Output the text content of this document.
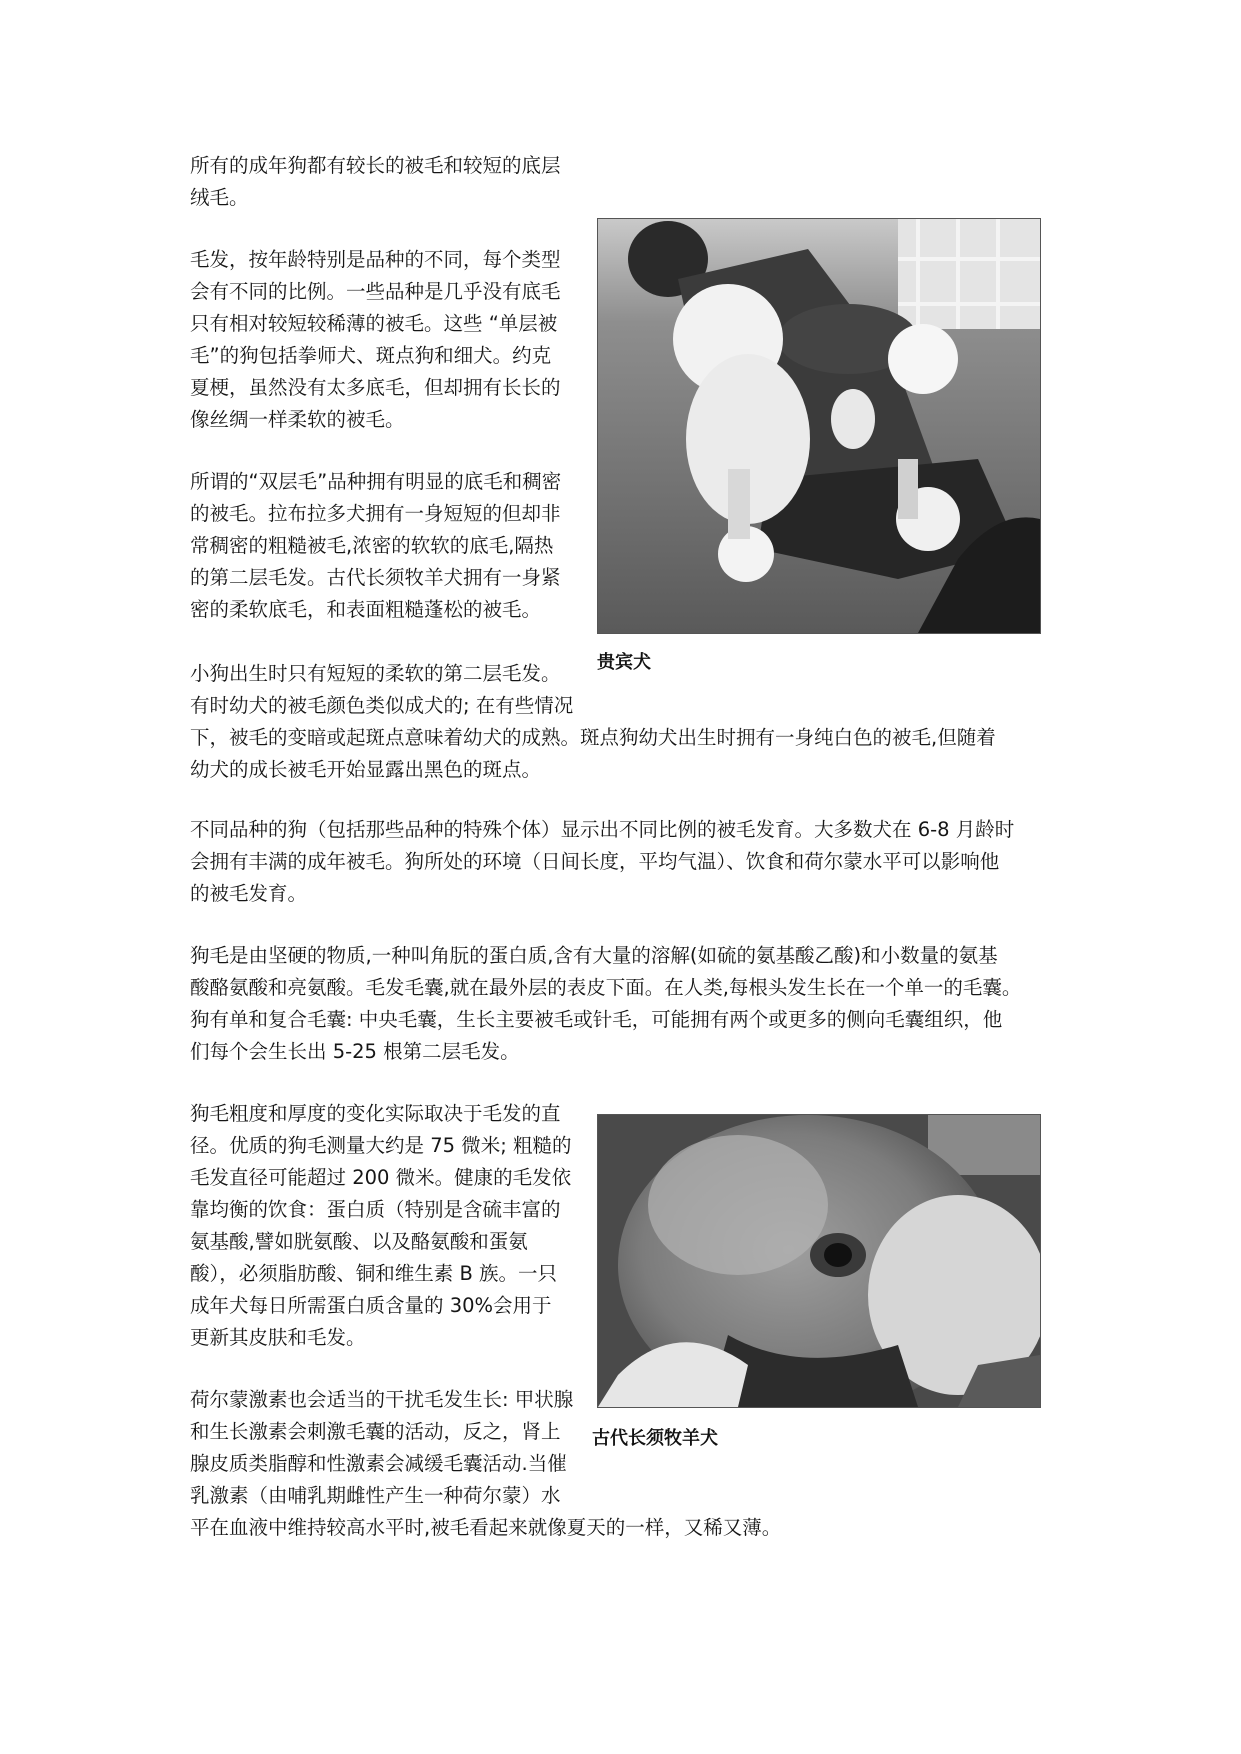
所有的成年狗都有较长的被毛和较短的底层
绒毛。

毛发，按年龄特别是品种的不同，每个类型
会有不同的比例。一些品种是几乎没有底毛
只有相对较短较稀薄的被毛。这些 “单层被
毛”的狗包括拳师犬、斑点狗和细犬。约克
夏梗，虽然没有太多底毛，但却拥有长长的
像丝绸一样柔软的被毛。

所谓的“双层毛”品种拥有明显的底毛和稠密
的被毛。拉布拉多犬拥有一身短短的但却非
常稠密的粗糙被毛,浓密的软软的底毛,隔热
的第二层毛发。古代长须牧羊犬拥有一身紧
密的柔软底毛，和表面粗糙蓬松的被毛。

小狗出生时只有短短的柔软的第二层毛发。
有时幼犬的被毛颜色类似成犬的; 在有些情况

下，被毛的变暗或起斑点意味着幼犬的成熟。斑点狗幼犬出生时拥有一身纯白色的被毛,但随着
幼犬的成长被毛开始显露出黑色的斑点。

不同品种的狗（包括那些品种的特殊个体）显示出不同比例的被毛发育。大多数犬在 6-8 月龄时
会拥有丰满的成年被毛。狗所处的环境（日间长度，平均气温）、饮食和荷尔蒙水平可以影响他
的被毛发育。

狗毛是由坚硬的物质,一种叫角朊的蛋白质,含有大量的溶解(如硫的氨基酸乙酸)和小数量的氨基
酸酪氨酸和亮氨酸。毛发毛囊,就在最外层的表皮下面。在人类,每根头发生长在一个单一的毛囊。
狗有单和复合毛囊: 中央毛囊，生长主要被毛或针毛，可能拥有两个或更多的侧向毛囊组织，他
们每个会生长出 5-25 根第二层毛发。

狗毛粗度和厚度的变化实际取决于毛发的直
径。优质的狗毛测量大约是 75 微米; 粗糙的
毛发直径可能超过 200 微米。健康的毛发依
靠均衡的饮食：蛋白质（特别是含硫丰富的
氨基酸,譬如胱氨酸、以及酪氨酸和蛋氨
酸），必须脂肪酸、铜和维生素 B 族。一只
成年犬每日所需蛋白质含量的 30%会用于
更新其皮肤和毛发。

荷尔蒙激素也会适当的干扰毛发生长: 甲状腺
和生长激素会刺激毛囊的活动，反之，肾上
腺皮质类脂醇和性激素会减缓毛囊活动.当催
乳激素（由哺乳期雌性产生一种荷尔蒙）水

平在血液中维持较高水平时,被毛看起来就像夏天的一样，又稀又薄。

贵宾犬

古代长须牧羊犬
